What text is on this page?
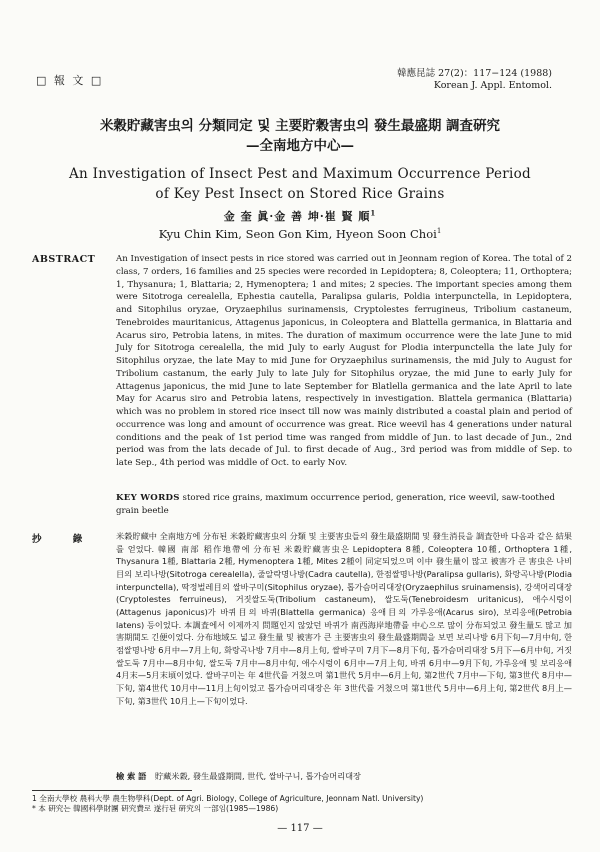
□ 報 文 □
韓應昆誌 27(2)：117−124 (1988)
Korean J. Appl. Entomol.
米穀貯藏害虫의 分類同定 및 主要貯穀害虫의 發生最盛期 調査硏究
—全南地方中心—
An Investigation of Insect Pest and Maximum Occurrence Period
of Key Pest Insect on Stored Rice Grains
金 奎 眞·金 善 坤·崔 賢 順$^1$
Kyu Chin Kim, Seon Gon Kim, Hyeon Soon Choi$^1$
ABSTRACT An Investigation of insect pests in rice stored was carried out in Jeonnam region of Korea. The total of 2 class, 7 orders, 16 families and 25 species were recorded in Lepidoptera; 8, Coleoptera; 11, Orthoptera; 1, Thysanura; 1, Blattaria; 2, Hymenoptera; 1 and mites; 2 species. The important species among them were Sitotroga cerealella, Ephestia cautella, Paralipsa gularis, Poldia interpunctella, in Lepidoptera, and Sitophilus oryzae, Oryzaephilus surinamensis, Cryptolestes ferrugineus, Tribolium castaneum, Tenebroides mauritanicus, Attagenus japonicus, in Coleoptera and Blattella germanica, in Blattaria and Acarus siro, Petrobia latens, in mites. The duration of maximum occurrence were the late June to mid July for Sitotroga cerealella, the mid July to early August for Plodia interpunctella the late July for Sitophilus oryzae, the late May to mid June for Oryzaephilus surinamensis, the mid July to August for Tribolium castanum, the early July to late July for Sitophilus oryzae, the mid June to early July for Attagenus japonicus, the mid June to late September for Blatlella germanica and the late April to late May for Acarus siro and Petrobia latens, respectively in investigation. Blattela germanica (Blattaria) which was no problem in stored rice insect till now was mainly distributed a coastal plain and period of occurrence was long and amount of occurrence was great. Rice weevil has 4 generations under natural conditions and the peak of 1st period time was ranged from middle of Jun. to last decade of Jun., 2nd period was from the lats decade of Jul. to first decade of Aug., 3rd period was from middle of Sep. to late Sep., 4th period was middle of Oct. to early Nov.
KEY WORDS stored rice grains, maximum occurrence period, generation, rice weevil, saw-toothed grain beetle
抄 錄 米穀貯藏中 全南地方에 分布된 米穀貯藏害虫의 分類 및 主要害虫들의 發生最盛期間 및 發生消長을 調査한바 다음과 같은 結果를 얻었다. 韓國 南部 稻作地帶에 分布된 米穀貯藏害虫은 Lepidoptera 8種, Coleoptera 10種, Orthoptera 1種, Thysanura 1種, Blattaria 2種, Hymenoptera 1種, Mites 2種이 同定되었으며 이中 發生量이 많고 被害가 큰 害虫은 나비目의 보리나방(Sitotroga cerealella), 줄알락명나방(Cadra cautella), 한점쌀명나방(Paralipsa gullaris), 화랑곡나방(Plodia interpunctella), 딱정벌레目의 쌀바구미(Sitophilus oryzae), 톱가슴머리대장(Oryzaephilus sruinamensis), 강색머리대장(Cryptolestes ferruineus), 거짓쌀도둑(Tribolium castaneum), 쌀도둑(Tenebroidesm uritanicus), 애수시렁이(Attagenus japonicus)가 바퀴目의 바퀴(Blattella germanica) 응애目의 가루응애(Acarus siro), 보리응애(Petrobia latens) 등이었다. 本調査에서 이제까지 問題인지 않았던 바퀴가 南西海岸地帶를 中心으로 많이 分布되었고 發生量도 많고 加害期間도 긴便이었다. 分布地域도 넓고 發生量 및 被害가 큰 主要害虫의 發生最盛期間을 보면 보리나방 6月下旬—7月中旬, 한점쌀명나방 6月中—7月上旬, 화랑곡나방 7月中—8月上旬, 쌀바구미 7月下—8月下旬, 톱가슴머리대장 5月下—6月中旬, 거짓쌀도둑 7月中—8月中旬, 쌀도둑 7月中—8月中旬, 애수시렁이 6月中—7月上旬, 바퀴 6月中—9月下旬, 가루응애 및 보리응애 4月末—5月末頃이었다. 쌀바구미는 年 4世代를 거쳤으며 第1世代 5月中—6月上旬, 第2世代 7月中—下旬, 第3世代 8月中—下旬, 第4世代 10月中—11月上旬이었고 톱가슴머리대장은 年 3世代를 거쳤으며 第1世代 5月中—6月上旬, 第2世代 8月上—下旬, 第3世代 10月上—下旬이었다.
檢 索 語 貯藏米穀, 發生最盛期間, 世代, 쌀바구니, 톱가슴머리대장
1 全南大學校 農科大學 農生物學科(Dept. of Agri. Biology, College of Agriculture, Jeonnam Natl. University)
* 本 硏究는 韓國科學財團 硏究費로 遂行된 硏究의 一部임(1985—1986)
— 117 —
